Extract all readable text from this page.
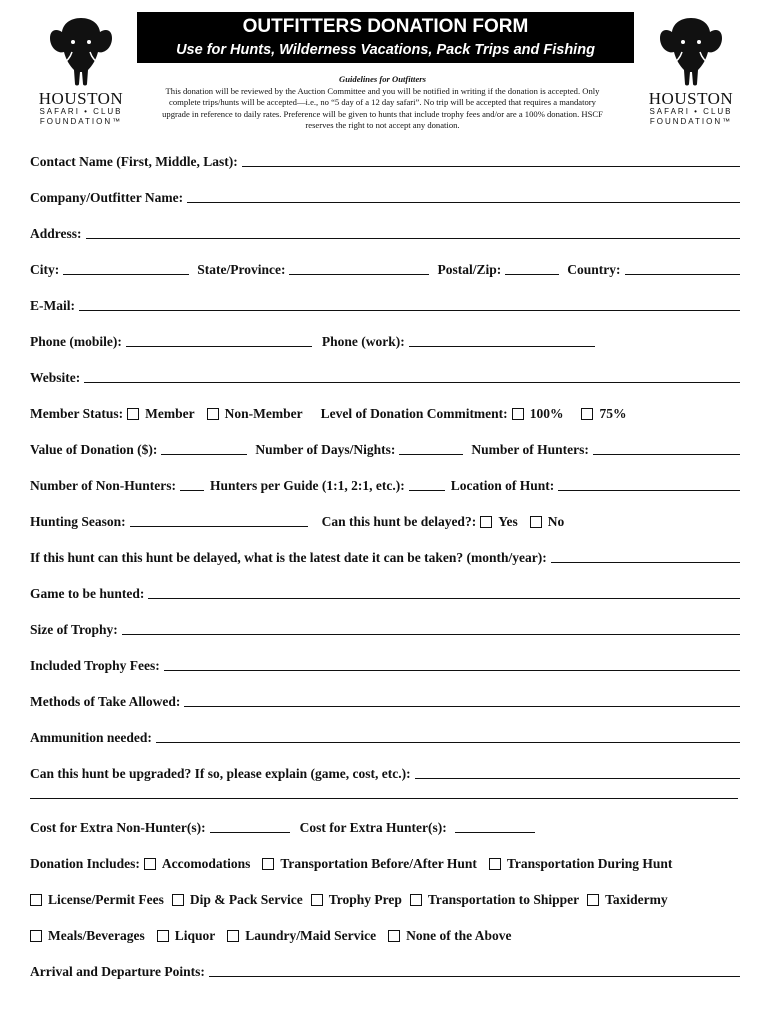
HOUSTON
SAFARI • CLUB
FOUNDATION™
HOUSTON
SAFARI • CLUB
FOUNDATION™
OUTFITTERS DONATION FORM
Use for Hunts, Wilderness Vacations, Pack Trips and Fishing
Guidelines for Outfitters
This donation will be reviewed by the Auction Committee and you will be notified in writing if the donation is accepted. Only complete trips/hunts will be accepted—i.e., no “5 day of a 12 day safari”. No trip will be accepted that requires a mandatory upgrade in reference to daily rates. Preference will be given to hunts that include trophy fees and/or are a 100% donation. HSCF reserves the right to not accept any donation.
Contact Name (First, Middle, Last):
Company/Outfitter Name:
Address:
City:	State/Province:	Postal/Zip:	Country:
E-Mail:
Phone (mobile):	Phone (work):
Website:
Member Status: Member Non-Member Level of Donation Commitment: 100%	75%
Value of Donation ($):	Number of Days/Nights:	Number of Hunters:
Number of Non-Hunters:	Hunters per Guide (1:1, 2:1, etc.):	Location of Hunt:
Hunting Season:	Can this hunt be delayed?: Yes No
If this hunt can this hunt be delayed, what is the latest date it can be taken? (month/year):
Game to be hunted:
Size of Trophy:
Included Trophy Fees:
Methods of Take Allowed:
Ammunition needed:
Can this hunt be upgraded? If so, please explain (game, cost, etc.):
Cost for Extra Non-Hunter(s):	Cost for Extra Hunter(s):
Donation Includes: Accomodations Transportation Before/After Hunt Transportation During Hunt
License/Permit Fees Dip & Pack Service Trophy Prep Transportation to Shipper Taxidermy
Meals/Beverages Liquor Laundry/Maid Service None of the Above
Arrival and Departure Points:
